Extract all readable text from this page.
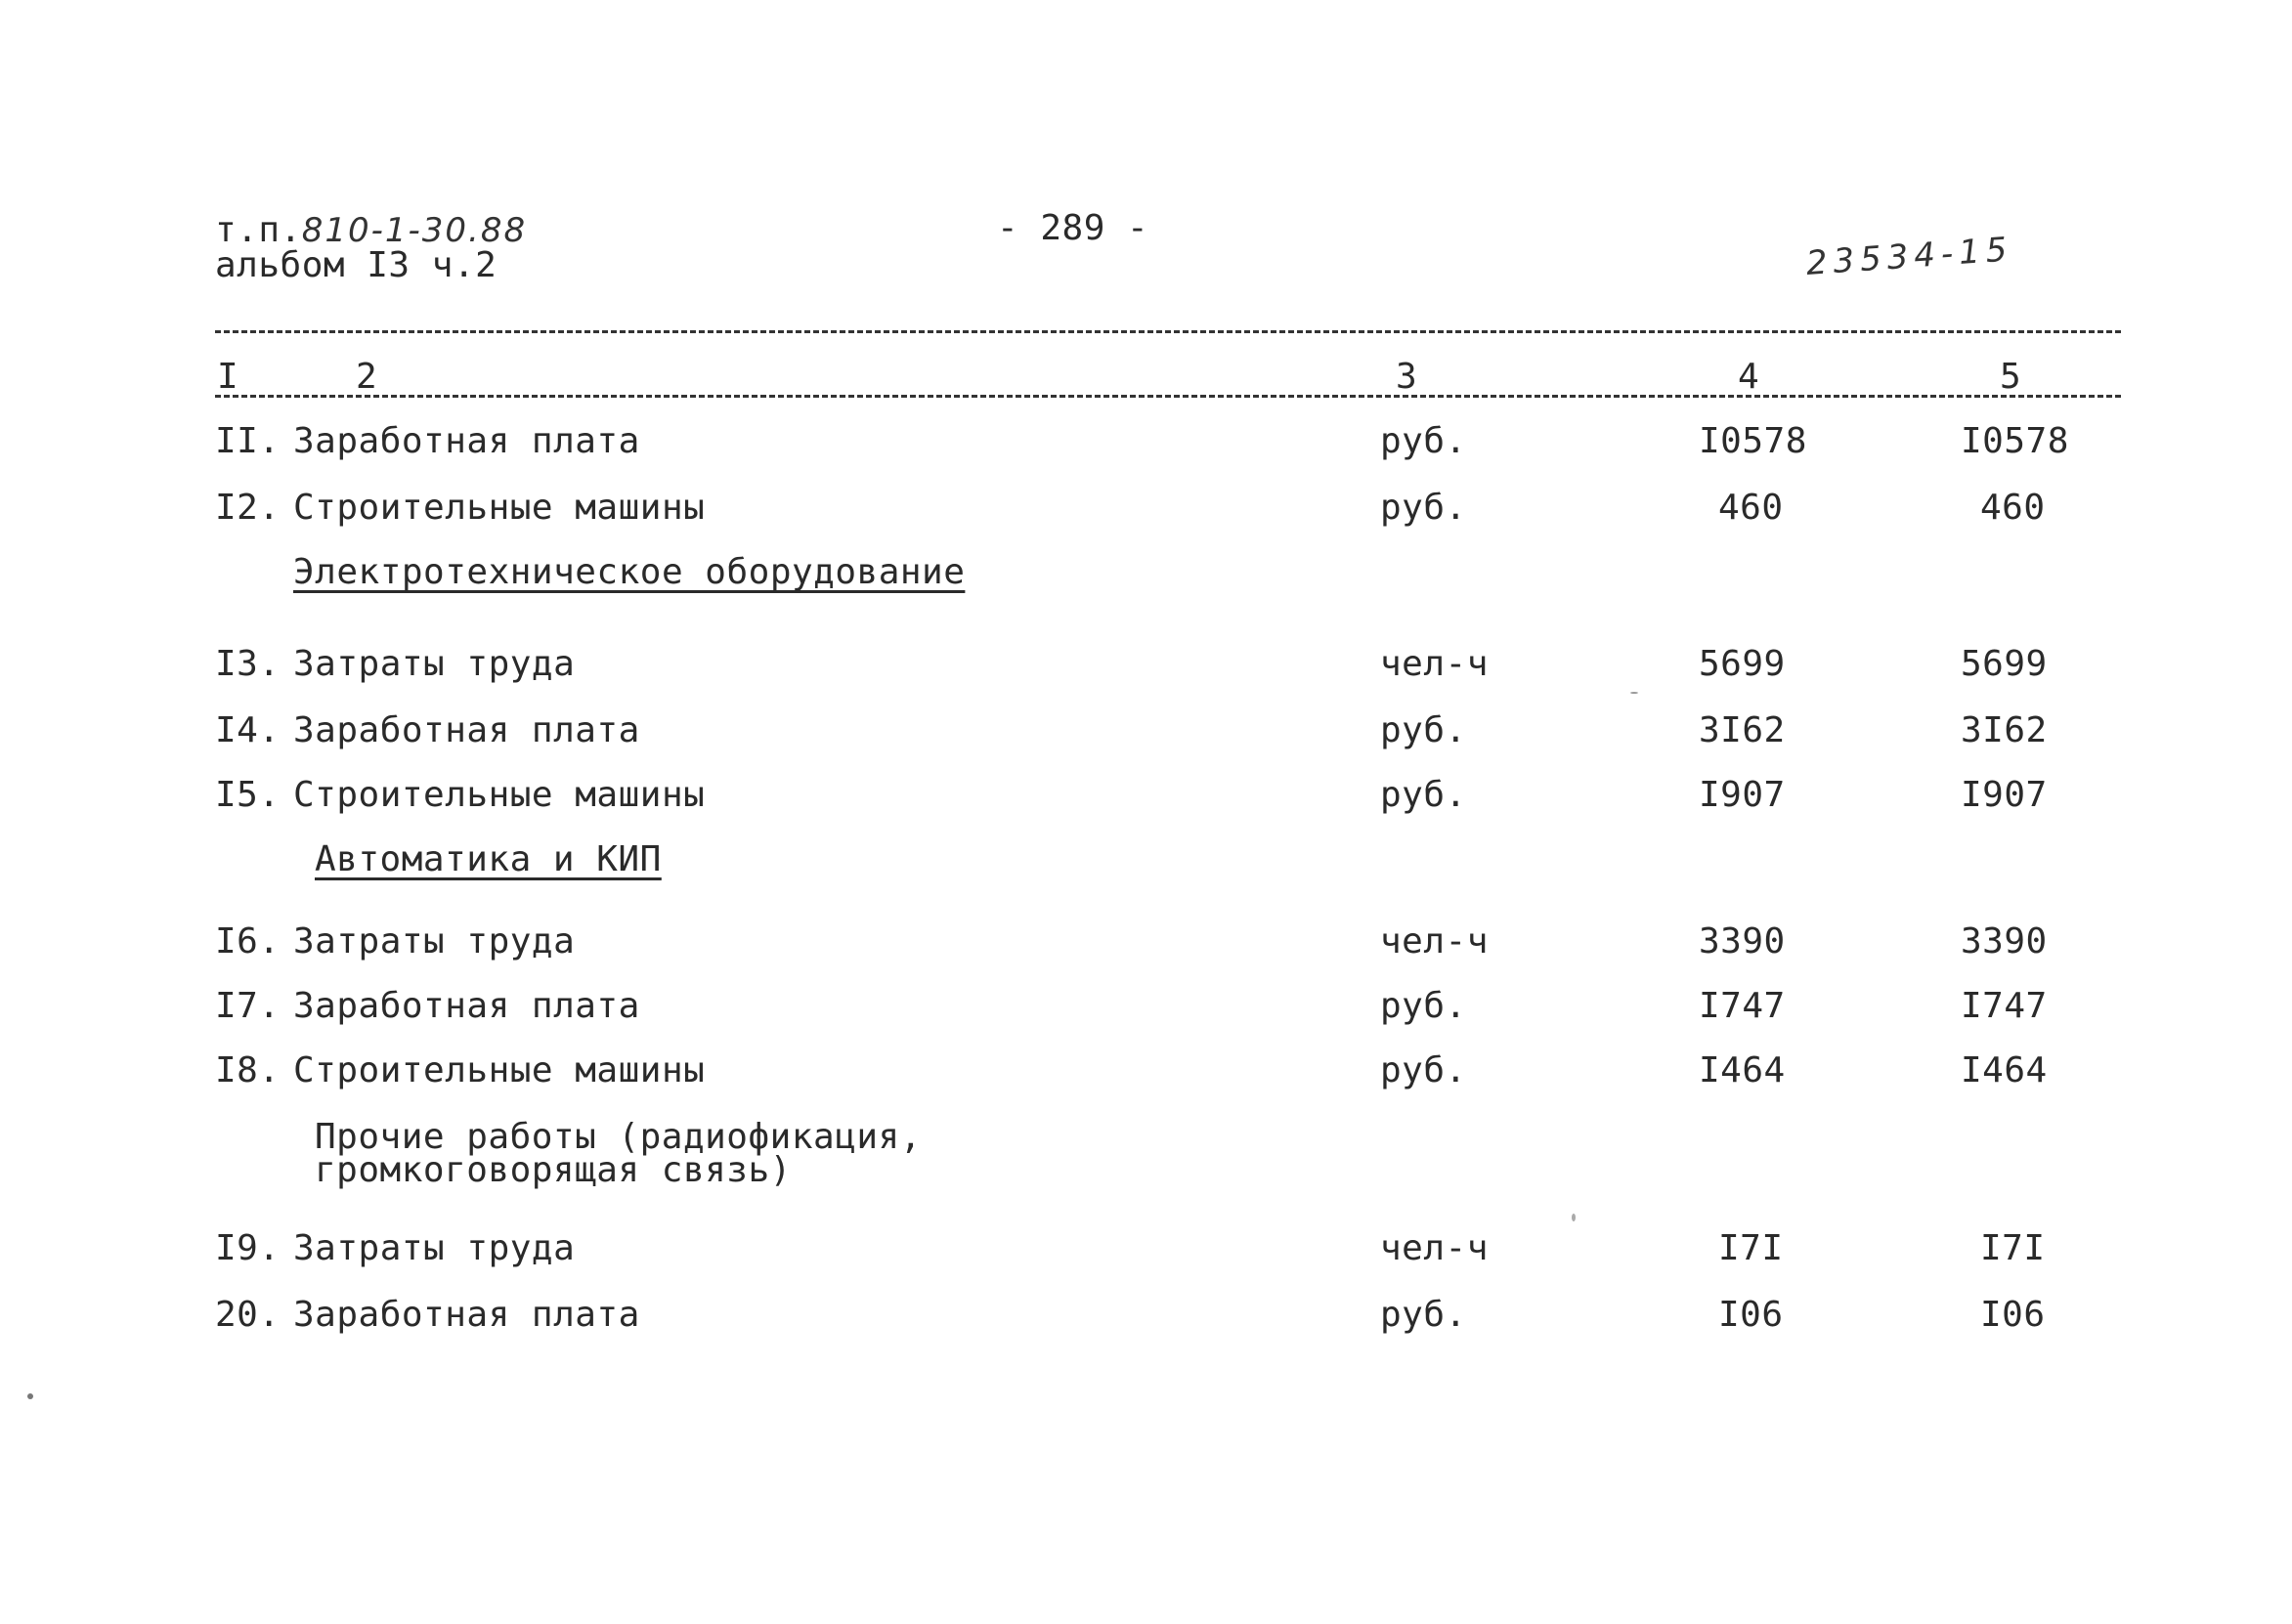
т.п.810-1-30.88
альбом I3 ч.2
- 289 -
23534-15
I	2	3	4	5
II. Заработная плата	руб.	I0578	I0578
I2. Строительные машины	руб.	460	460
Электротехническое оборудование
I3. Затраты труда	чел-ч	5699	5699
I4. Заработная плата	руб.	3I62	3I62
I5. Строительные машины	руб.	I907	I907
Автоматика и КИП
I6. Затраты труда	чел-ч	3390	3390
I7. Заработная плата	руб.	I747	I747
I8. Строительные машины	руб.	I464	I464
Прочие работы (радиофикация,
громкоговорящая связь)
I9. Затраты труда	чел-ч	I7I	I7I
20. Заработная плата	руб.	I06	I06
